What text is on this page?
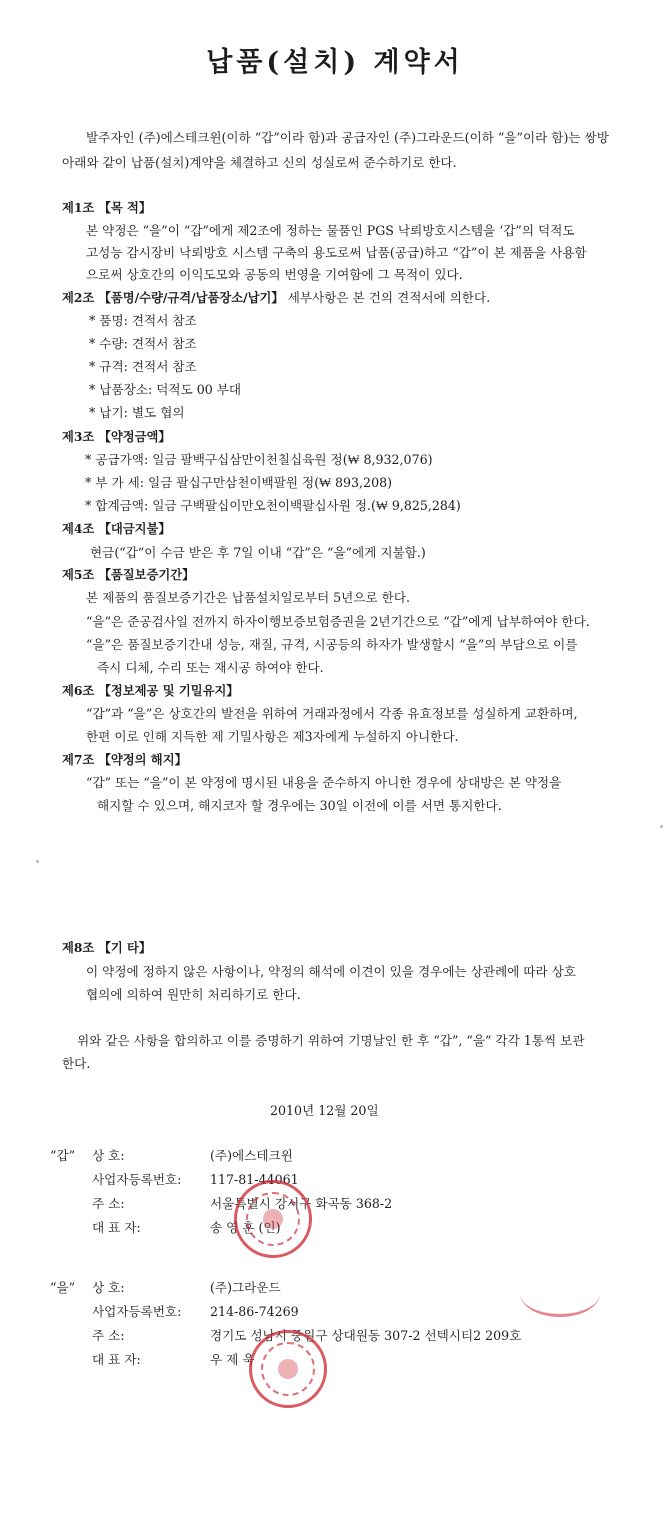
납품(설치) 계약서
발주자인 (주)에스테크윈(이하 “갑”이라 함)과 공급자인 (주)그라운드(이하 “을”이라 함)는 쌍방
아래와 같이 납품(설치)계약을 체결하고 신의 성실로써 준수하기로 한다.
제1조 【목 적】
본 약정은 “을”이 “갑”에게 제2조에 정하는 물품인 PGS 낙뢰방호시스템을 ‘갑”의 덕적도
고성능 감시장비 낙뢰방호 시스템 구축의 용도로써 납품(공급)하고 “갑”이 본 제품을 사용함
으로써 상호간의 이익도모와 공동의 번영을 기여함에 그 목적이 있다.
제2조 【품명/수량/규격/납품장소/납기】 세부사항은 본 건의 견적서에 의한다.
* 품명: 견적서 참조
* 수량: 견적서 참조
* 규격: 견적서 참조
* 납품장소: 덕적도 00 부대
* 납기: 별도 협의
제3조 【약정금액】
* 공급가액: 일금 팔백구십삼만이천칠십육원 정(₩ 8,932,076)
* 부 가 세: 일금 팔십구만삼천이백팔원 정(₩ 893,208)
* 합계금액: 일금 구백팔십이만오천이백팔십사원 정.(₩ 9,825,284)
제4조 【대금지불】
현금(“갑”이 수금 받은 후 7일 이내 “갑”은 “을”에게 지불함.)
제5조 【품질보증기간】
본 제품의 품질보증기간은 납품설치일로부터 5년으로 한다.
“을”은 준공검사일 전까지 하자이행보증보험증권을 2년기간으로 “갑”에게 납부하여야 한다.
“을”은 품질보증기간내 성능, 재질, 규격, 시공등의 하자가 발생할시 “을”의 부담으로 이를
즉시 디체, 수리 또는 재시공 하여야 한다.
제6조 【정보제공 및 기밀유지】
“갑”과 “을”은 상호간의 발전을 위하여 거래과정에서 각종 유효정보를 성실하게 교환하며,
한편 이로 인해 지득한 제 기밀사항은 제3자에게 누설하지 아니한다.
제7조 【약정의 해지】
“갑” 또는 “을”이 본 약정에 명시된 내용을 준수하지 아니한 경우에 상대방은 본 약정을
해지할 수 있으며, 해지코자 할 경우에는 30일 이전에 이를 서면 통지한다.
제8조 【기 타】
이 약정에 정하지 않은 사항이나, 약정의 해석에 이견이 있을 경우에는 상관례에 따라 상호
협의에 의하여 원만히 처리하기로 한다.
위와 같은 사항을 합의하고 이를 증명하기 위하여 기명날인 한 후 “갑”, “을” 각각 1통씩 보관
한다.
2010년 12월 20일
“갑” 상 호:	(주)에스테크윈
사업자등록번호: 117-81-44061
주 소:	서울특별시 강서구 화곡동 368-2
대 표 자:	송 영 훈 (인)
“을” 상 호:	(주)그라운드
사업자등록번호: 214-86-74269
주 소:	경기도 성남시 중원구 상대원동 307-2 선텍시티2 209호
대 표 자:	우 제 욱
